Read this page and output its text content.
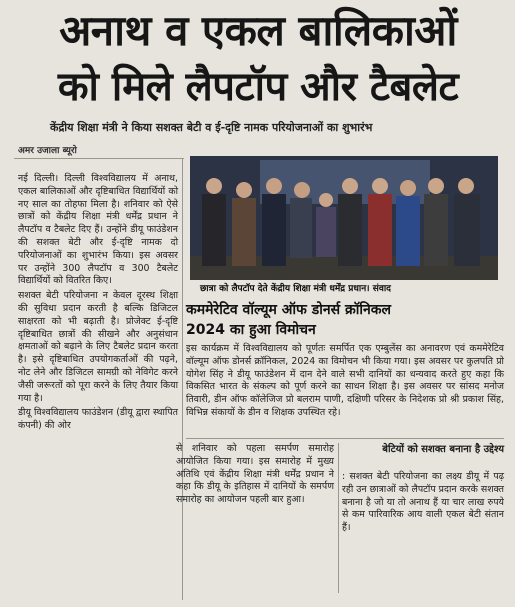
अनाथ व एकल बालिकाओं
को मिले लैपटॉप और टैबलेट
केंद्रीय शिक्षा मंत्री ने किया सशक्त बेटी व ई-दृष्टि नामक परियोजनाओं का शुभारंभ
अमर उजाला ब्यूरो

नई दिल्ली। दिल्ली विश्वविद्यालय में अनाथ, एकल बालिकाओं और दृष्टिबाधित विद्यार्थियों को नए साल का तोहफा मिला है। शनिवार को ऐसे छात्रों को केंद्रीय शिक्षा मंत्री धर्मेंद्र प्रधान ने लैपटॉप व टैबलेट दिए हैं। उन्होंने डीयू फाउंडेशन की सशक्त बेटी और ई-दृष्टि नामक दो परियोजनाओं का शुभारंभ किया। इस अवसर पर उन्होंने 300 लैपटॉप व 300 टैबलेट विद्यार्थियों को वितरित किए।

सशक्त बेटी परियोजना न केवल दूरस्थ शिक्षा की सुविधा प्रदान करती है बल्कि डिजिटल साक्षरता को भी बढ़ाती है। प्रोजेक्ट ई-दृष्टि दृष्टिबाधित छात्रों की सीखने और अनुसंधान क्षमताओं को बढ़ाने के लिए टैबलेट प्रदान करता है। इसे दृष्टिबाधित उपयोगकर्ताओं की पढ़ने, नोट लेने और डिजिटल सामग्री को नेविगेट करने जैसी जरूरतों को पूरा करने के लिए तैयार किया गया है।

डीयू विश्वविद्यालय फाउंडेशन (डीयू द्वारा स्थापित कंपनी) की ओर

छात्रा को लैपटॉप देते केंद्रीय शिक्षा मंत्री धर्मेंद्र प्रधान। संवाद
कममेरेटिव वॉल्यूम ऑफ डोनर्स क्रॉनिकल
2024 का हुआ विमोचन

इस कार्यक्रम में विश्वविद्यालय को पूर्णतः समर्पित एक एम्बुलेंस का अनावरण एवं कममेरेटिव वॉल्यूम ऑफ डोनर्स क्रॉनिकल, 2024 का विमोचन भी किया गया। इस अवसर पर कुलपति प्रो योगेश सिंह ने डीयू फाउंडेशन में दान देने वाले सभी दानियों का धन्यवाद करते हुए कहा कि विकसित भारत के संकल्प को पूर्ण करने का साधन शिक्षा है। इस अवसर पर सांसद मनोज तिवारी, डीन ऑफ कॉलेजिज प्रो बलराम पाणी, दक्षिणी परिसर के निदेशक प्रो श्री प्रकाश सिंह, विभिन्न संकायों के डीन व शिक्षक उपस्थित रहे।

से शनिवार को पहला समर्पण समारोह आयोजित किया गया। इस समारोह में मुख्य अतिथि एवं केंद्रीय शिक्षा मंत्री धर्मेंद्र प्रधान ने कहा कि डीयू के इतिहास में दानियों के समर्पण समारोह का आयोजन पहली बार हुआ।

बेटियों को सशक्त बनाना है उद्देश्य

: सशक्त बेटी परियोजना का लक्ष्य डीयू में पढ़ रही उन छात्राओं को लैपटॉप प्रदान करके सशक्त बनाना है जो या तो अनाथ हैं या चार लाख रुपये से कम पारिवारिक आय वाली एकल बेटी संतान हैं।
